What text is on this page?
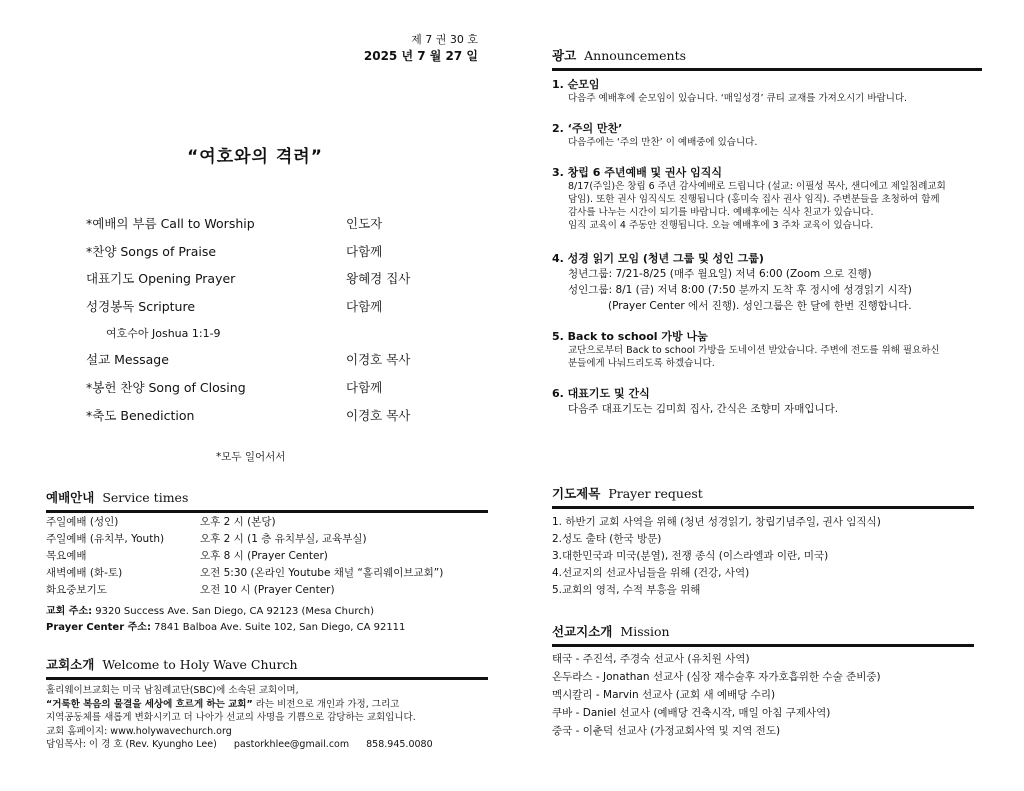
제 7 권 30 호
2025 년 7 월 27 일
“여호와의 격려”
*예배의 부름 Call to Worship	인도자
*찬양 Songs of Praise	다함께
대표기도 Opening Prayer	왕혜경 집사
성경봉독 Scripture	다함께
여호수아 Joshua 1:1-9
설교 Message	이경호 목사
*봉헌 찬양 Song of Closing	다함께
*축도 Benediction	이경호 목사
*모두 일어서서
예배안내 Service times
주일예배 (성인)	오후 2 시 (본당)
주일예배 (유치부, Youth)	오후 2 시 (1 층 유치부실, 교육부실)
목요예배	오후 8 시 (Prayer Center)
새벽예배 (화-토)	오전 5:30 (온라인 Youtube 채널 “홀리웨이브교회”)
화요중보기도	오전 10 시 (Prayer Center)
교회 주소: 9320 Success Ave. San Diego, CA 92123 (Mesa Church)
Prayer Center 주소: 7841 Balboa Ave. Suite 102, San Diego, CA 92111
교회소개 Welcome to Holy Wave Church
홀리웨이브교회는 미국 남침례교단(SBC)에 소속된 교회이며,
“거룩한 복음의 물결을 세상에 흐르게 하는 교회” 라는 비전으로 개인과 가정, 그리고
지역공동체를 새롭게 변화시키고 더 나아가 선교의 사명을 기쁨으로 감당하는 교회입니다.
교회 홈페이지: www.holywavechurch.org
담임목사: 이 경 호 (Rev. Kyungho Lee) pastorkhlee@gmail.com 858.945.0080
광고 Announcements
1. 순모임
다음주 예배후에 순모임이 있습니다. ‘매일성경’ 큐티 교재를 가져오시기 바랍니다.
2. ‘주의 만찬’
다음주에는 ‘주의 만찬’ 이 예배중에 있습니다.
3. 창립 6 주년예배 및 권사 임직식
8/17(주일)은 창립 6 주년 감사예배로 드립니다 (설교: 이필성 목사, 샌디에고 제일침례교회
담임). 또한 권사 임직식도 진행됩니다 (홍미숙 집사 권사 임직). 주변분들을 초청하여 함께
감사를 나누는 시간이 되기를 바랍니다. 예배후에는 식사 친교가 있습니다.
임직 교육이 4 주동안 진행됩니다. 오늘 예배후에 3 주차 교육이 있습니다.
4. 성경 읽기 모임 (청년 그룹 및 성인 그룹)
청년그룹: 7/21-8/25 (매주 월요일) 저녁 6:00 (Zoom 으로 진행)
성인그룹: 8/1 (금) 저녁 8:00 (7:50 분까지 도착 후 정시에 성경읽기 시작)
(Prayer Center 에서 진행). 성인그룹은 한 달에 한번 진행합니다.
5. Back to school 가방 나눔
교단으로부터 Back to school 가방을 도네이션 받았습니다. 주변에 전도를 위해 필요하신
분들에게 나눠드리도록 하겠습니다.
6. 대표기도 및 간식
다음주 대표기도는 김미희 집사, 간식은 조향미 자매입니다.
기도제목 Prayer request
1. 하반기 교회 사역을 위해 (청년 성경읽기, 창립기념주일, 권사 임직식)
2.성도 출타 (한국 방문)
3.대한민국과 미국(분열), 전쟁 종식 (이스라엘과 이란, 미국)
4.선교지의 선교사님들을 위해 (건강, 사역)
5.교회의 영적, 수적 부흥을 위해
선교지소개 Mission
태국 - 주진석, 주경숙 선교사 (유치원 사역)
온두라스 - Jonathan 선교사 (심장 재수술후 자가호흡위한 수술 준비중)
멕시칼리 - Marvin 선교사 (교회 새 예배당 수리)
쿠바 - Daniel 선교사 (예배당 건축시작, 매일 아침 구제사역)
중국 - 이춘덕 선교사 (가정교회사역 및 지역 전도)
